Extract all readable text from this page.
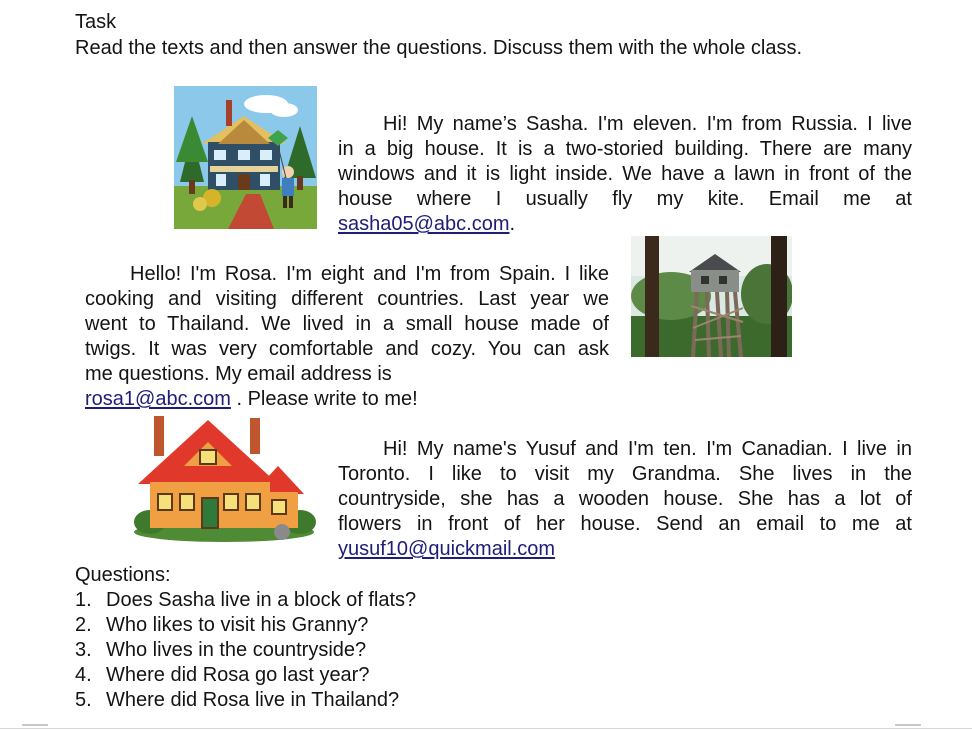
Task
Read the texts and then answer the questions. Discuss them with the whole class.
Hi! My name’s Sasha. I'm eleven. I'm from Russia. I live
in a big house. It is a two-storied building. There are many
windows and it is light inside. We have a lawn in front of the
house where I usually fly my kite. Email me at
sasha05@abc.com.
Hello! I'm Rosa. I'm eight and I'm from Spain. I like
cooking and visiting different countries. Last year we
went to Thailand. We lived in a small house made of
twigs. It was very comfortable and cozy. You can ask
me questions. My email address is
rosa1@abc.com . Please write to me!
Hi! My name's Yusuf and I'm ten. I'm Canadian. I live in
Toronto. I like to visit my Grandma. She lives in the
countryside, she has a wooden house. She has a lot of
flowers in front of her house. Send an email to me at
yusuf10@quickmail.com
Questions:
1. Does Sasha live in a block of flats?
2. Who likes to visit his Granny?
3. Who lives in the countryside?
4. Where did Rosa go last year?
5. Where did Rosa live in Thailand?
